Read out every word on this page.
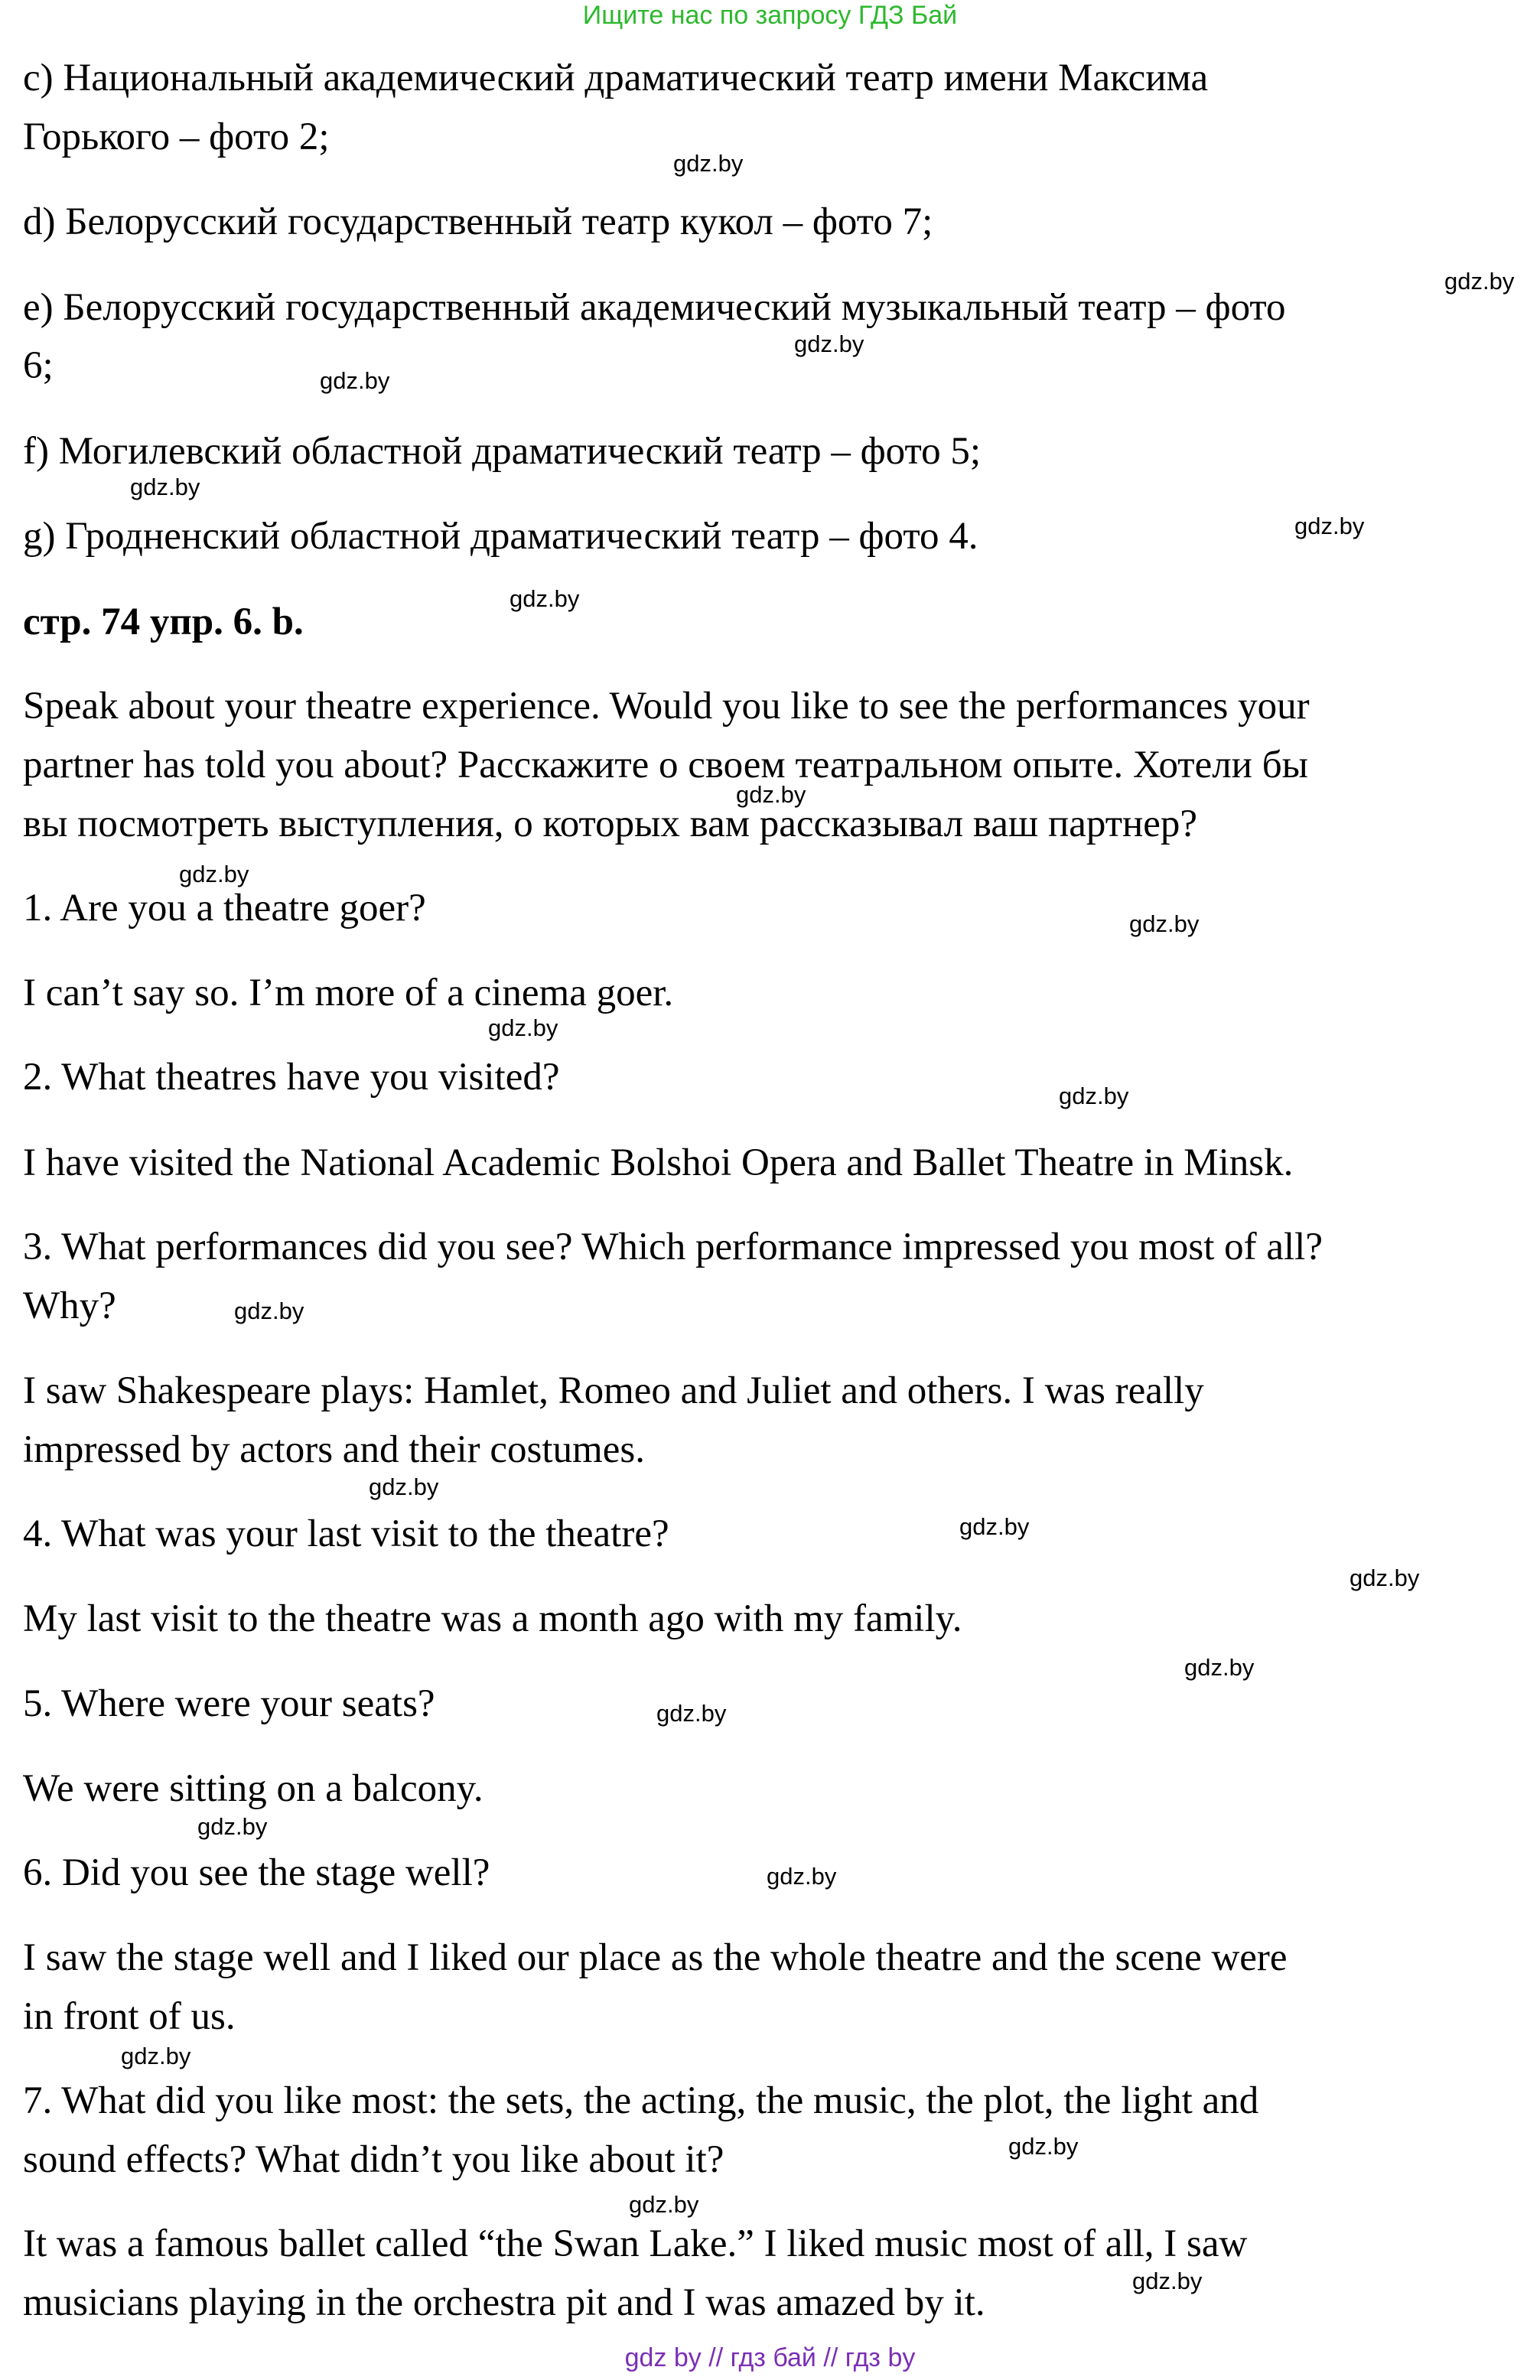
Ищите нас по запросу ГДЗ Бай
c) Национальный академический драматический театр имени Максима
Горького – фото 2;
d) Белорусский государственный театр кукол – фото 7;
e) Белорусский государственный академический музыкальный театр – фото
6;
f) Могилевский областной драматический театр – фото 5;
g) Гродненский областной драматический театр – фото 4.
стр. 74 упр. 6. b.
Speak about your theatre experience. Would you like to see the performances your
partner has told you about? Расскажите о своем театральном опыте. Хотели бы
вы посмотреть выступления, о которых вам рассказывал ваш партнер?
1. Are you a theatre goer?
I can’t say so. I’m more of a cinema goer.
2. What theatres have you visited?
I have visited the National Academic Bolshoi Opera and Ballet Theatre in Minsk.
3. What performances did you see? Which performance impressed you most of all?
Why?
I saw Shakespeare plays: Hamlet, Romeo and Juliet and others. I was really
impressed by actors and their costumes.
4. What was your last visit to the theatre?
My last visit to the theatre was a month ago with my family.
5. Where were your seats?
We were sitting on a balcony.
6. Did you see the stage well?
I saw the stage well and I liked our place as the whole theatre and the scene were
in front of us.
7. What did you like most: the sets, the acting, the music, the plot, the light and
sound effects? What didn’t you like about it?
It was a famous ballet called “the Swan Lake.” I liked music most of all, I saw
musicians playing in the orchestra pit and I was amazed by it.
gdz.by
gdz.by
gdz.by
gdz.by
gdz.by
gdz.by
gdz.by
gdz.by
gdz.by
gdz.by
gdz.by
gdz.by
gdz.by
gdz.by
gdz.by
gdz.by
gdz.by
gdz.by
gdz.by
gdz.by
gdz.by
gdz.by
gdz.by
gdz.by
gdz by // гдз бай // гдз by
